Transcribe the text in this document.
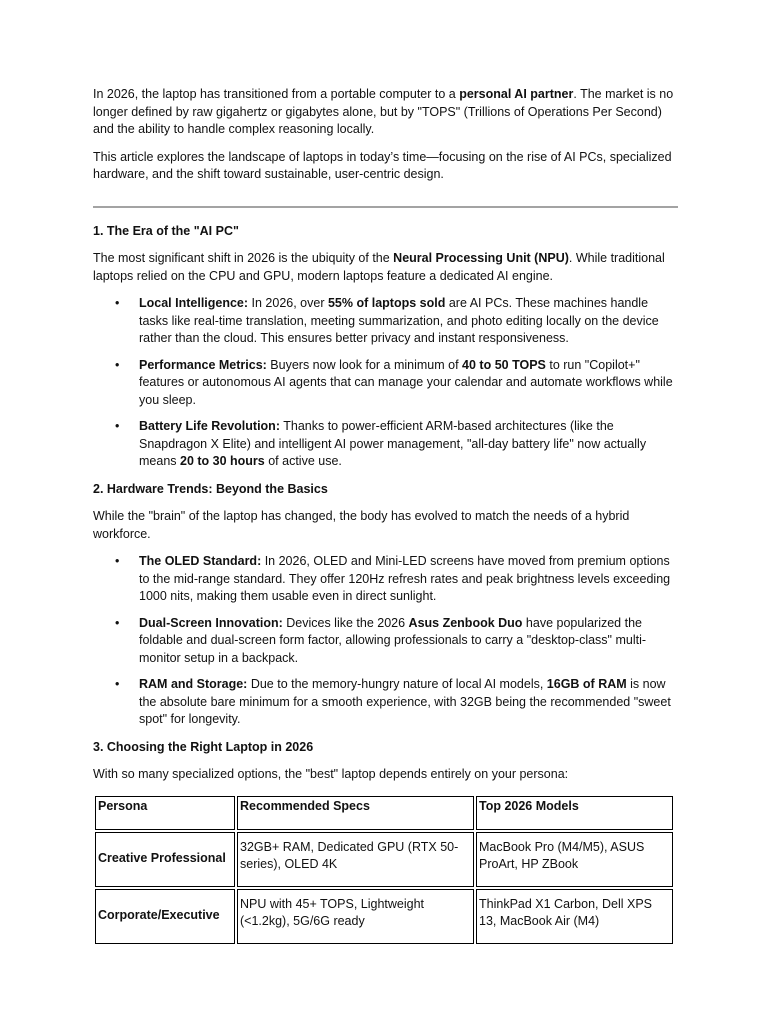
In 2026, the laptop has transitioned from a portable computer to a personal AI partner. The market is no longer defined by raw gigahertz or gigabytes alone, but by "TOPS" (Trillions of Operations Per Second) and the ability to handle complex reasoning locally.

This article explores the landscape of laptops in today’s time—focusing on the rise of AI PCs, specialized hardware, and the shift toward sustainable, user-centric design.

1. The Era of the "AI PC"

The most significant shift in 2026 is the ubiquity of the Neural Processing Unit (NPU). While traditional laptops relied on the CPU and GPU, modern laptops feature a dedicated AI engine.

•	Local Intelligence: In 2026, over 55% of laptops sold are AI PCs. These machines handle tasks like real-time translation, meeting summarization, and photo editing locally on the device rather than the cloud. This ensures better privacy and instant responsiveness.
•	Performance Metrics: Buyers now look for a minimum of 40 to 50 TOPS to run "Copilot+" features or autonomous AI agents that can manage your calendar and automate workflows while you sleep.
•	Battery Life Revolution: Thanks to power-efficient ARM-based architectures (like the Snapdragon X Elite) and intelligent AI power management, "all-day battery life" now actually means 20 to 30 hours of active use.

2. Hardware Trends: Beyond the Basics

While the "brain" of the laptop has changed, the body has evolved to match the needs of a hybrid workforce.

•	The OLED Standard: In 2026, OLED and Mini-LED screens have moved from premium options to the mid-range standard. They offer 120Hz refresh rates and peak brightness levels exceeding 1000 nits, making them usable even in direct sunlight.
•	Dual-Screen Innovation: Devices like the 2026 Asus Zenbook Duo have popularized the foldable and dual-screen form factor, allowing professionals to carry a "desktop-class" multi-monitor setup in a backpack.
•	RAM and Storage: Due to the memory-hungry nature of local AI models, 16GB of RAM is now the absolute bare minimum for a smooth experience, with 32GB being the recommended "sweet spot" for longevity.

3. Choosing the Right Laptop in 2026

With so many specialized options, the "best" laptop depends entirely on your persona:

Persona	Recommended Specs	Top 2026 Models
Creative Professional	32GB+ RAM, Dedicated GPU (RTX 50-series), OLED 4K	MacBook Pro (M4/M5), ASUS ProArt, HP ZBook
Corporate/Executive	NPU with 45+ TOPS, Lightweight (<1.2kg), 5G/6G ready	ThinkPad X1 Carbon, Dell XPS 13, MacBook Air (M4)
